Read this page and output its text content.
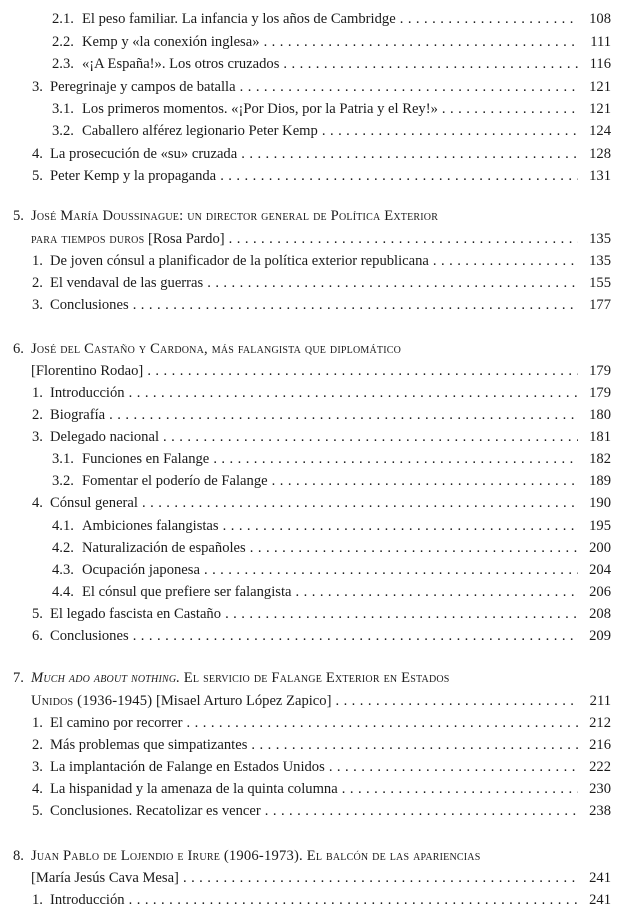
2.1. El peso familiar. La infancia y los años de Cambridge . . .	108
2.2. Kemp y «la conexión inglesa» . . .	111
2.3. «¡A España!». Los otros cruzados . . .	116
3. Peregrinaje y campos de batalla . . .	121
3.1. Los primeros momentos. «¡Por Dios, por la Patria y el Rey!» . . .	121
3.2. Caballero alférez legionario Peter Kemp . . .	124
4. La prosecución de «su» cruzada . . .	128
5. Peter Kemp y la propaganda . . .	131
5. José María Doussinague: un director general de Política Exterior
para tiempos duros [Rosa Pardo] . . .	135
1. De joven cónsul a planificador de la política exterior republicana . . .	135
2. El vendaval de las guerras . . .	155
3. Conclusiones . . .	177
6. José del Castaño y Cardona, más falangista que diplomático
[Florentino Rodao] . . .	179
1. Introducción . . .	179
2. Biografía . . .	180
3. Delegado nacional . . .	181
3.1. Funciones en Falange . . .	182
3.2. Fomentar el poderío de Falange . . .	189
4. Cónsul general . . .	190
4.1. Ambiciones falangistas . . .	195
4.2. Naturalización de españoles . . .	200
4.3. Ocupación japonesa . . .	204
4.4. El cónsul que prefiere ser falangista . . .	206
5. El legado fascista en Castaño . . .	208
6. Conclusiones . . .	209
7. Much ado about nothing. El servicio de Falange Exterior en Estados
Unidos (1936-1945) [Misael Arturo López Zapico] . . .	211
1. El camino por recorrer . . .	212
2. Más problemas que simpatizantes . . .	216
3. La implantación de Falange en Estados Unidos . . .	222
4. La hispanidad y la amenaza de la quinta columna . . .	230
5. Conclusiones. Recatolizar es vencer . . .	238
8. Juan Pablo de Lojendio e Irure (1906-1973). El balcón de las apariencias
[María Jesús Cava Mesa] . . .	241
1. Introducción . . .	241
